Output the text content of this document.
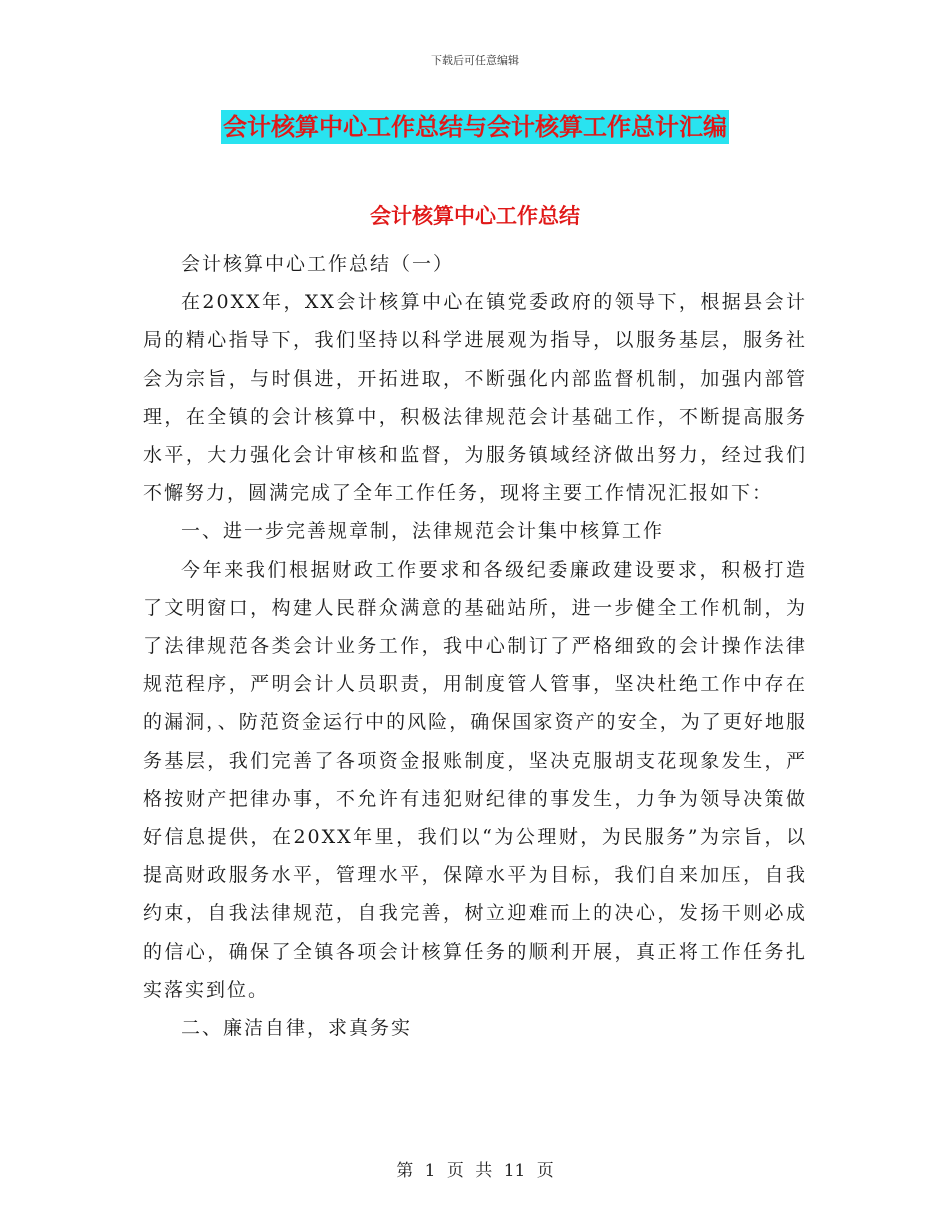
下载后可任意编辑
会计核算中心工作总结与会计核算工作总计汇编
会计核算中心工作总结

会计核算中心工作总结（一）

在20XX年，XX会计核算中心在镇党委政府的领导下，根据县会计局的精心指导下，我们坚持以科学进展观为指导，以服务基层，服务社会为宗旨，与时俱进，开拓进取，不断强化内部监督机制，加强内部管理，在全镇的会计核算中，积极法律规范会计基础工作，不断提高服务水平，大力强化会计审核和监督，为服务镇域经济做出努力，经过我们不懈努力，圆满完成了全年工作任务，现将主要工作情况汇报如下：

一、进一步完善规章制，法律规范会计集中核算工作

今年来我们根据财政工作要求和各级纪委廉政建设要求，积极打造了文明窗口，构建人民群众满意的基础站所，进一步健全工作机制，为了法律规范各类会计业务工作，我中心制订了严格细致的会计操作法律规范程序，严明会计人员职责，用制度管人管事，坚决杜绝工作中存在的漏洞，、防范资金运行中的风险，确保国家资产的安全，为了更好地服务基层，我们完善了各项资金报账制度，坚决克服胡支花现象发生，严格按财产把律办事，不允许有违犯财纪律的事发生，力争为领导决策做好信息提供，在20XX年里，我们以“为公理财，为民服务”为宗旨，以提高财政服务水平，管理水平，保障水平为目标，我们自来加压，自我约束，自我法律规范，自我完善，树立迎难而上的决心，发扬干则必成的信心，确保了全镇各项会计核算任务的顺利开展，真正将工作任务扎实落实到位。

二、廉洁自律，求真务实

第 1 页 共 11 页
